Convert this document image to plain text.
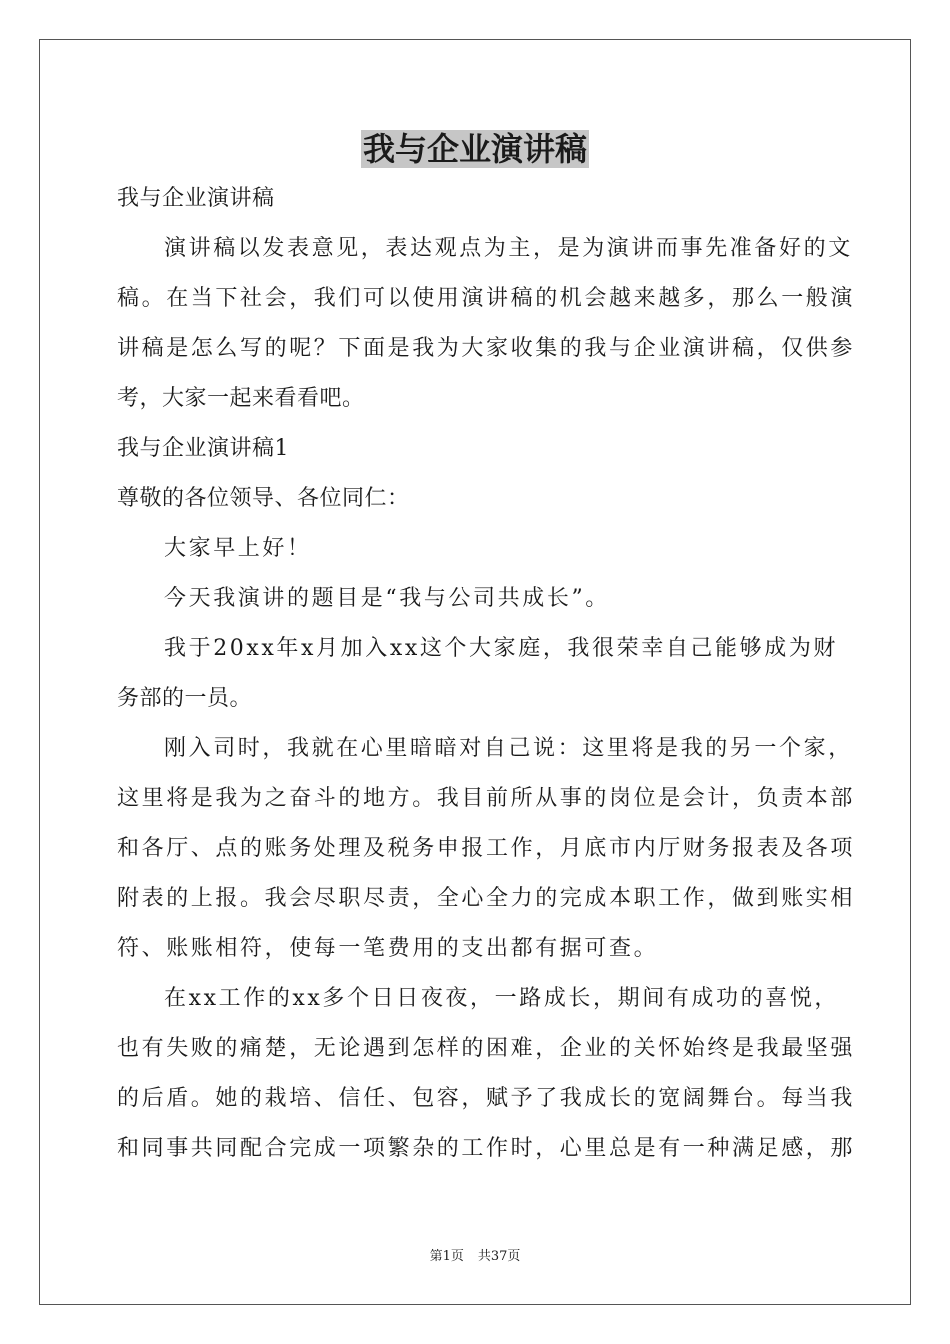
我与企业演讲稿
我与企业演讲稿
演讲稿以发表意见，表达观点为主，是为演讲而事先准备好的文
稿。在当下社会，我们可以使用演讲稿的机会越来越多，那么一般演
讲稿是怎么写的呢？下面是我为大家收集的我与企业演讲稿，仅供参
考，大家一起来看看吧。
我与企业演讲稿1
尊敬的各位领导、各位同仁：
大家早上好！
今天我演讲的题目是“我与公司共成长”。
我于20xx年x月加入xx这个大家庭，我很荣幸自己能够成为财
务部的一员。
刚入司时，我就在心里暗暗对自己说：这里将是我的另一个家，
这里将是我为之奋斗的地方。我目前所从事的岗位是会计，负责本部
和各厅、点的账务处理及税务申报工作，月底市内厅财务报表及各项
附表的上报。我会尽职尽责，全心全力的完成本职工作，做到账实相
符、账账相符，使每一笔费用的支出都有据可查。
在xx工作的xx多个日日夜夜，一路成长，期间有成功的喜悦，
也有失败的痛楚，无论遇到怎样的困难，企业的关怀始终是我最坚强
的后盾。她的栽培、信任、包容，赋予了我成长的宽阔舞台。每当我
和同事共同配合完成一项繁杂的工作时，心里总是有一种满足感，那
第1页 共37页
